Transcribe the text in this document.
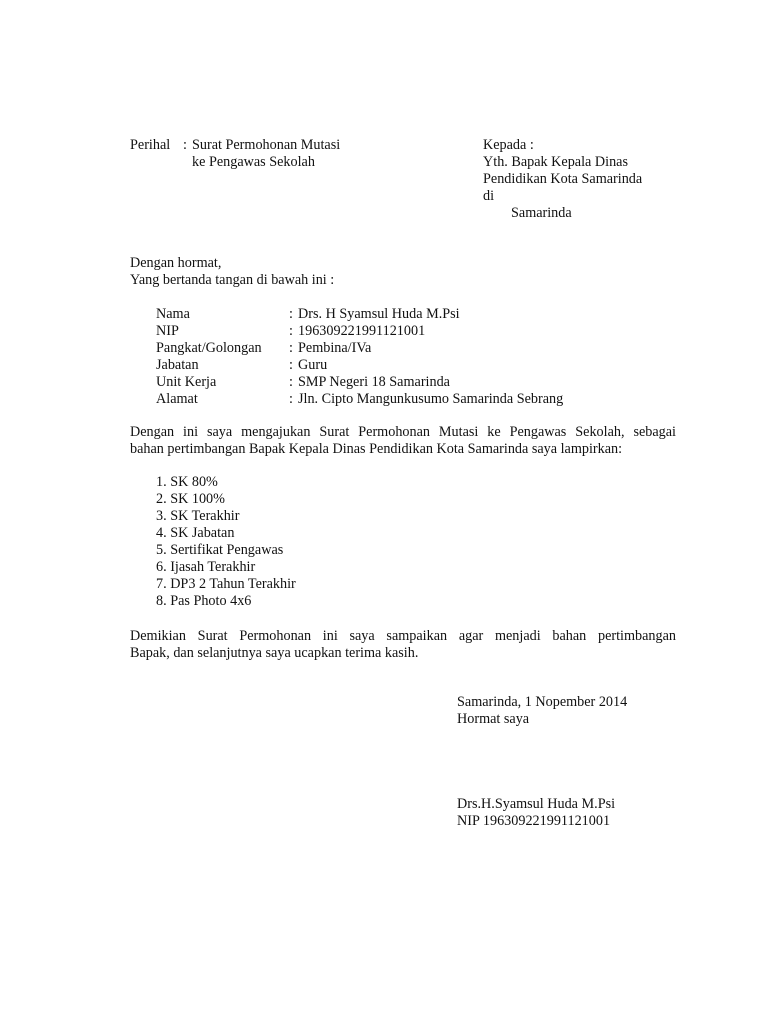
Perihal : Surat Permohonan Mutasi
ke Pengawas Sekolah
Kepada :
Yth. Bapak Kepala Dinas
Pendidikan Kota Samarinda
di
Samarinda
Dengan hormat,
Yang bertanda tangan di bawah ini :
Nama	:	Drs. H Syamsul Huda M.Psi
NIP	:	196309221991121001
Pangkat/Golongan	:	Pembina/IVa
Jabatan	:	Guru
Unit Kerja	:	SMP Negeri 18 Samarinda
Alamat	:	Jln. Cipto Mangunkusumo Samarinda Sebrang
Dengan ini saya mengajukan Surat Permohonan Mutasi ke Pengawas Sekolah, sebagai
bahan pertimbangan Bapak Kepala Dinas Pendidikan Kota Samarinda saya lampirkan:
1. SK 80%
2. SK 100%
3. SK Terakhir
4. SK Jabatan
5. Sertifikat Pengawas
6. Ijasah Terakhir
7. DP3 2 Tahun Terakhir
8. Pas Photo 4x6
Demikian Surat Permohonan ini saya sampaikan agar menjadi bahan pertimbangan
Bapak, dan selanjutnya saya ucapkan terima kasih.
Samarinda, 1 Nopember 2014
Hormat saya
Drs.H.Syamsul Huda M.Psi
NIP 196309221991121001
